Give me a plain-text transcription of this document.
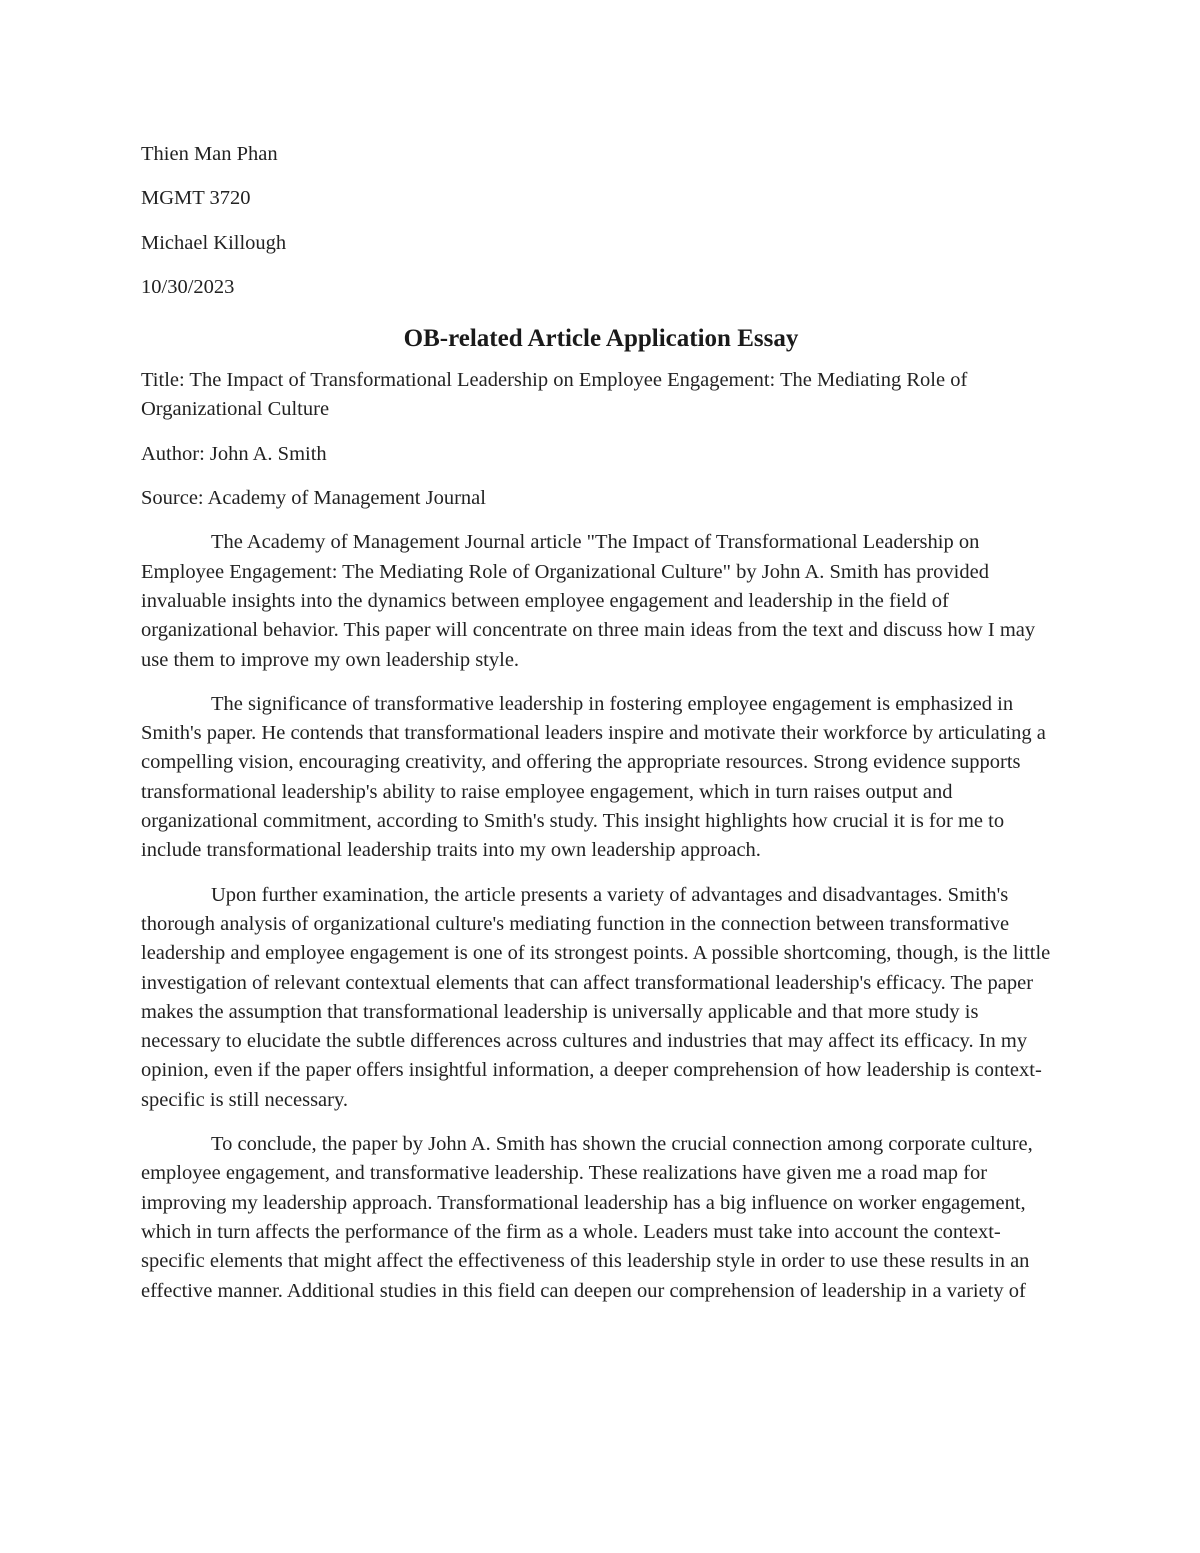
Thien Man Phan

MGMT 3720

Michael Killough

10/30/2023

OB-related Article Application Essay

Title: The Impact of Transformational Leadership on Employee Engagement: The Mediating Role of Organizational Culture

Author: John A. Smith

Source: Academy of Management Journal

The Academy of Management Journal article "The Impact of Transformational Leadership on Employee Engagement: The Mediating Role of Organizational Culture" by John A. Smith has provided invaluable insights into the dynamics between employee engagement and leadership in the field of organizational behavior. This paper will concentrate on three main ideas from the text and discuss how I may use them to improve my own leadership style.

The significance of transformative leadership in fostering employee engagement is emphasized in Smith's paper. He contends that transformational leaders inspire and motivate their workforce by articulating a compelling vision, encouraging creativity, and offering the appropriate resources. Strong evidence supports transformational leadership's ability to raise employee engagement, which in turn raises output and organizational commitment, according to Smith's study. This insight highlights how crucial it is for me to include transformational leadership traits into my own leadership approach.

Upon further examination, the article presents a variety of advantages and disadvantages. Smith's thorough analysis of organizational culture's mediating function in the connection between transformative leadership and employee engagement is one of its strongest points. A possible shortcoming, though, is the little investigation of relevant contextual elements that can affect transformational leadership's efficacy. The paper makes the assumption that transformational leadership is universally applicable and that more study is necessary to elucidate the subtle differences across cultures and industries that may affect its efficacy. In my opinion, even if the paper offers insightful information, a deeper comprehension of how leadership is context-specific is still necessary.

To conclude, the paper by John A. Smith has shown the crucial connection among corporate culture, employee engagement, and transformative leadership. These realizations have given me a road map for improving my leadership approach. Transformational leadership has a big influence on worker engagement, which in turn affects the performance of the firm as a whole. Leaders must take into account the context-specific elements that might affect the effectiveness of this leadership style in order to use these results in an effective manner. Additional studies in this field can deepen our comprehension of leadership in a variety of
